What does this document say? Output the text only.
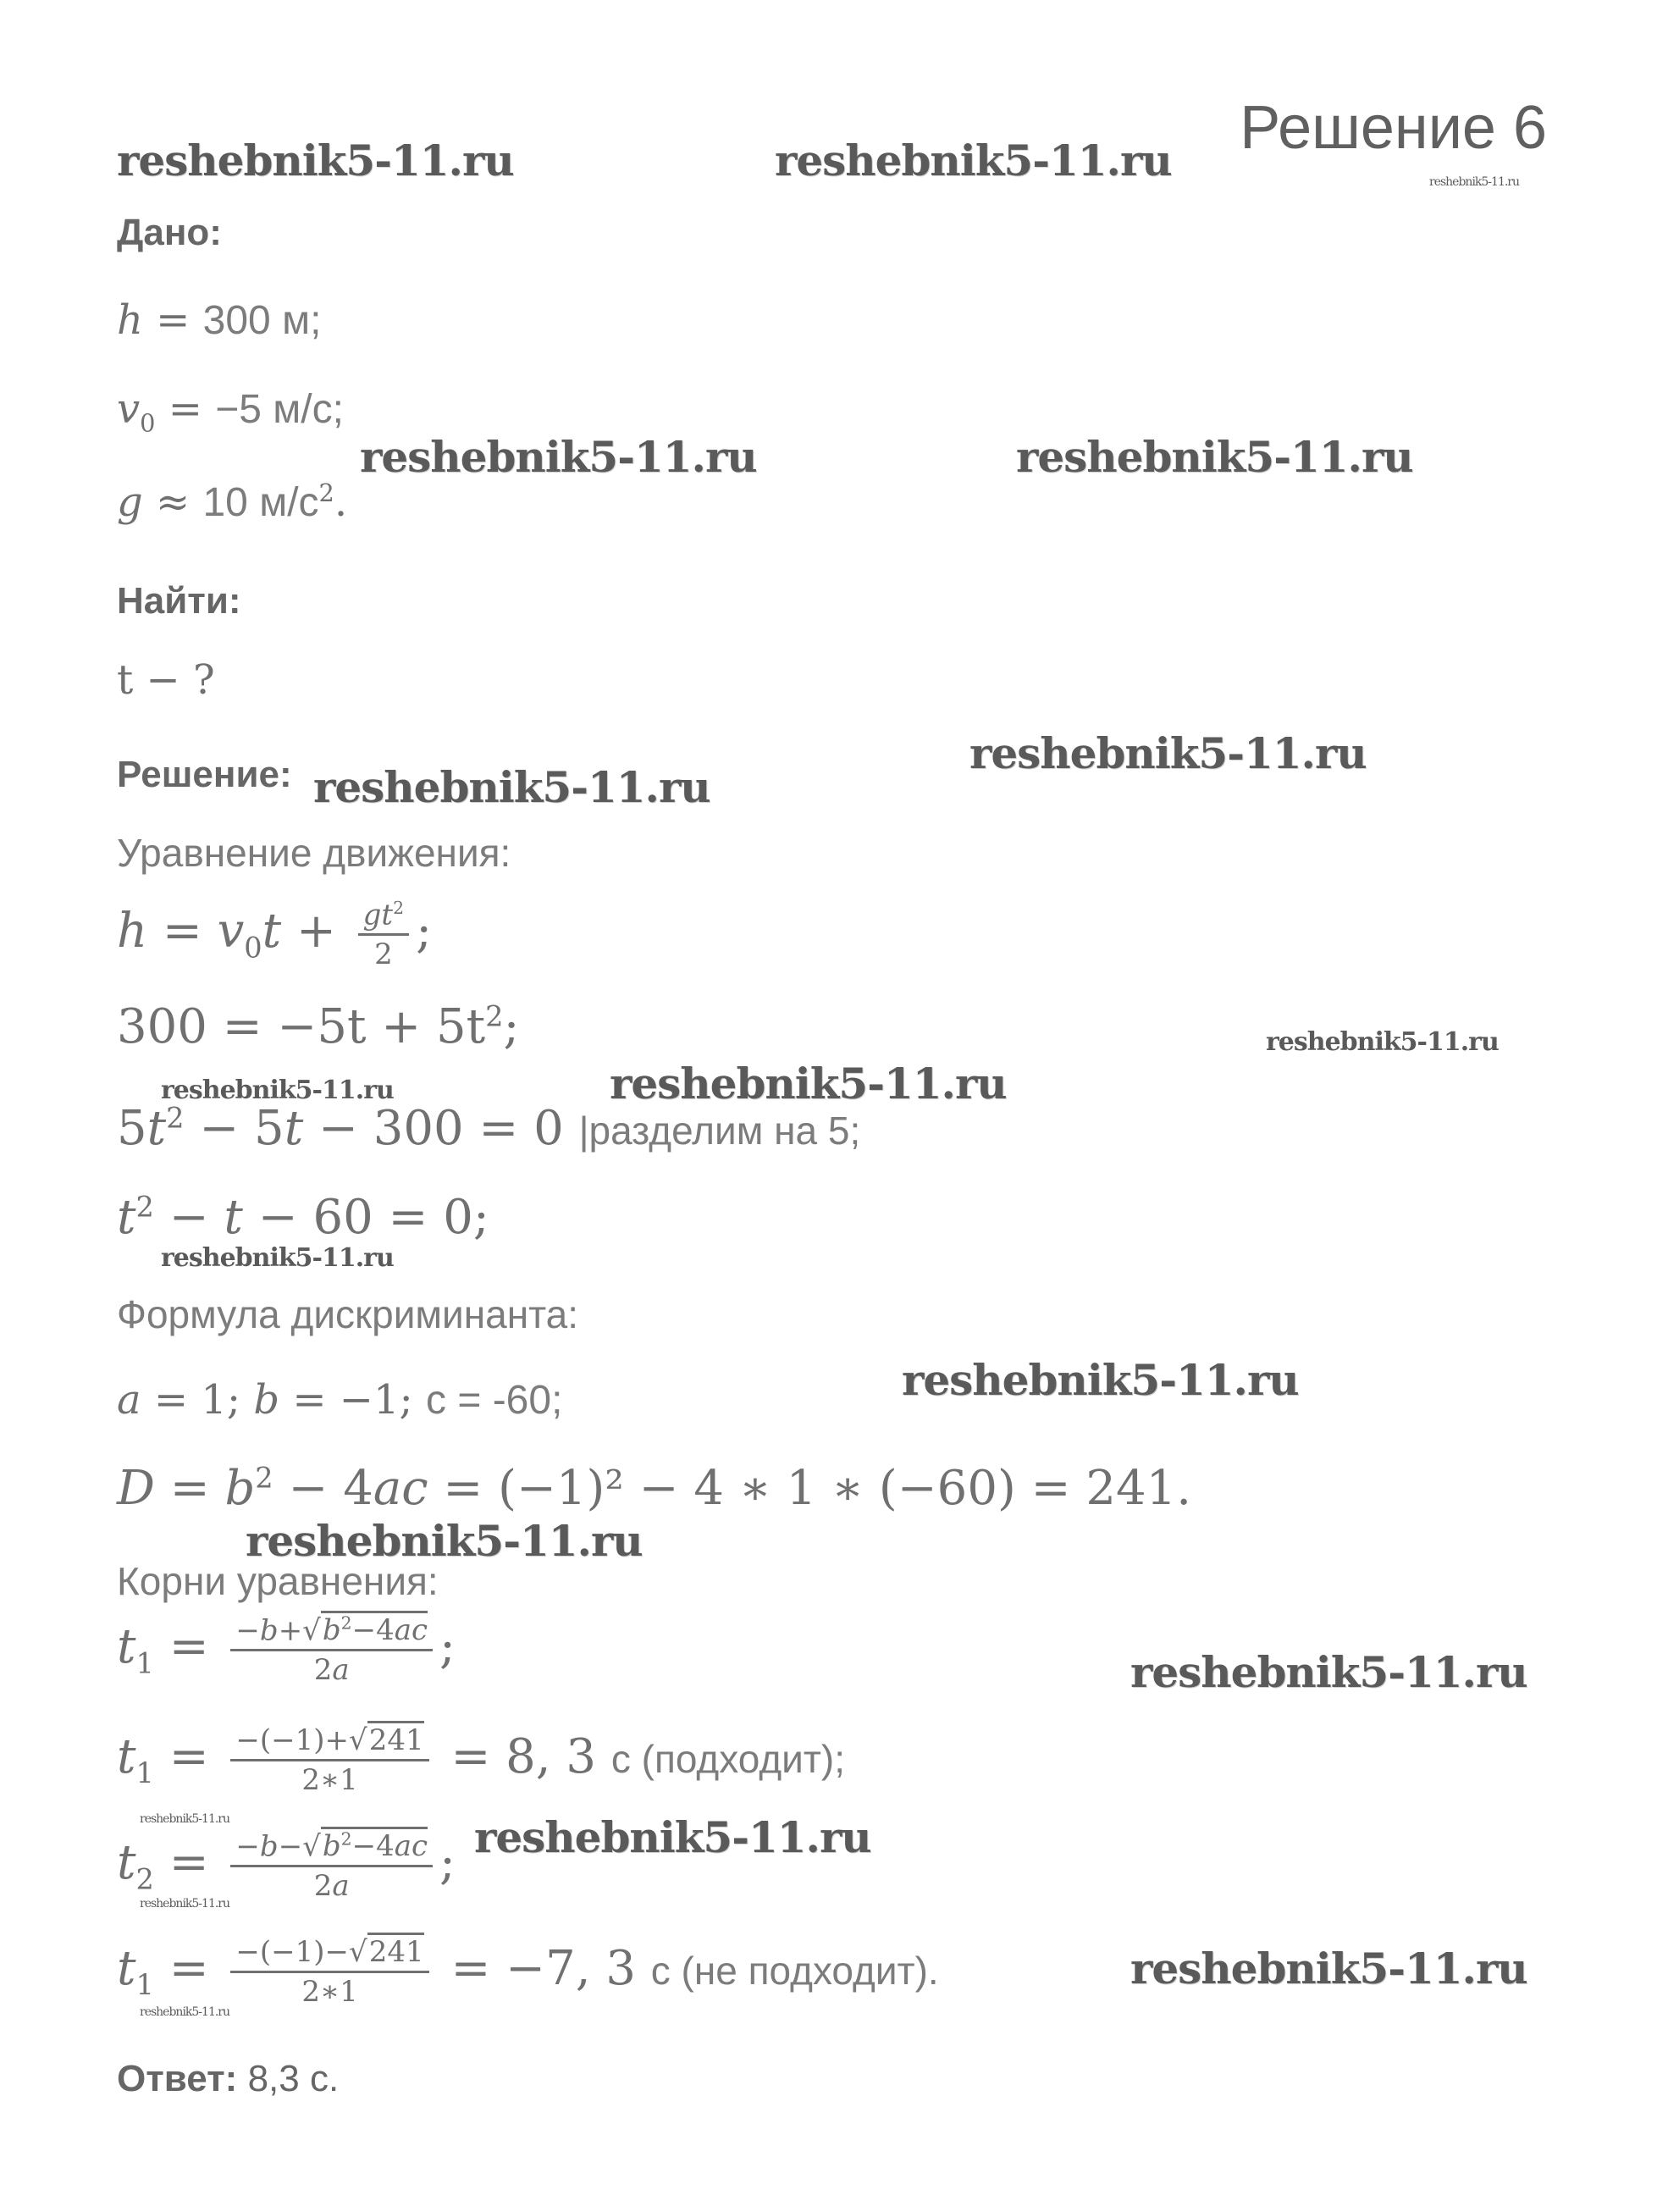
Решение 6
Дано:
h = 300 м;
$v_0 = -5$ м/с;
g ≈ 10 $м/c^2$.
Найти:
t − ?
Решение:
Уравнение движения:
$h = v_0t + \frac{gt^2}{2}$ ;
$300 = -5t + 5t^2$;
$5t^2 - 5t - 300 = 0$ |разделим на 5;
$t^2 - t - 60 = 0$;
Формула дискриминанта:
a = 1; b = −1; с = -60;
$D = b^2 - 4ac = (-1)^2 - 4$ ∗ 1 ∗ (−60) = 241.
Корни уравнения:
$t_1 = \frac{-b+√b^2-4ac}{2a}$ ;
$t_1 = \frac{-(-1)+√241}{2∗1} = 8$, 3 с (подходит);
$t_2 = \frac{-b-√b^2-4ac}{2a}$ ;
$t_1 = \frac{-(-1)-√241}{2∗1} = -7$, 3 с (не подходит).
Ответ: 8,3 с.
reshebnik5-11.ru	reshebnik5-11.ru	reshebnik5-11.ru
reshebnik5-11.ru	reshebnik5-11.ru
reshebnik5-11.ru
reshebnik5-11.ru
reshebnik5-11.ru
reshebnik5-11.ru	reshebnik5-11.ru
reshebnik5-11.ru
reshebnik5-11.ru
reshebnik5-11.ru
reshebnik5-11.ru
reshebnik5-11.ru	reshebnik5-11.ru
reshebnik5-11.ru
reshebnik5-11.ru
reshebnik5-11.ru
